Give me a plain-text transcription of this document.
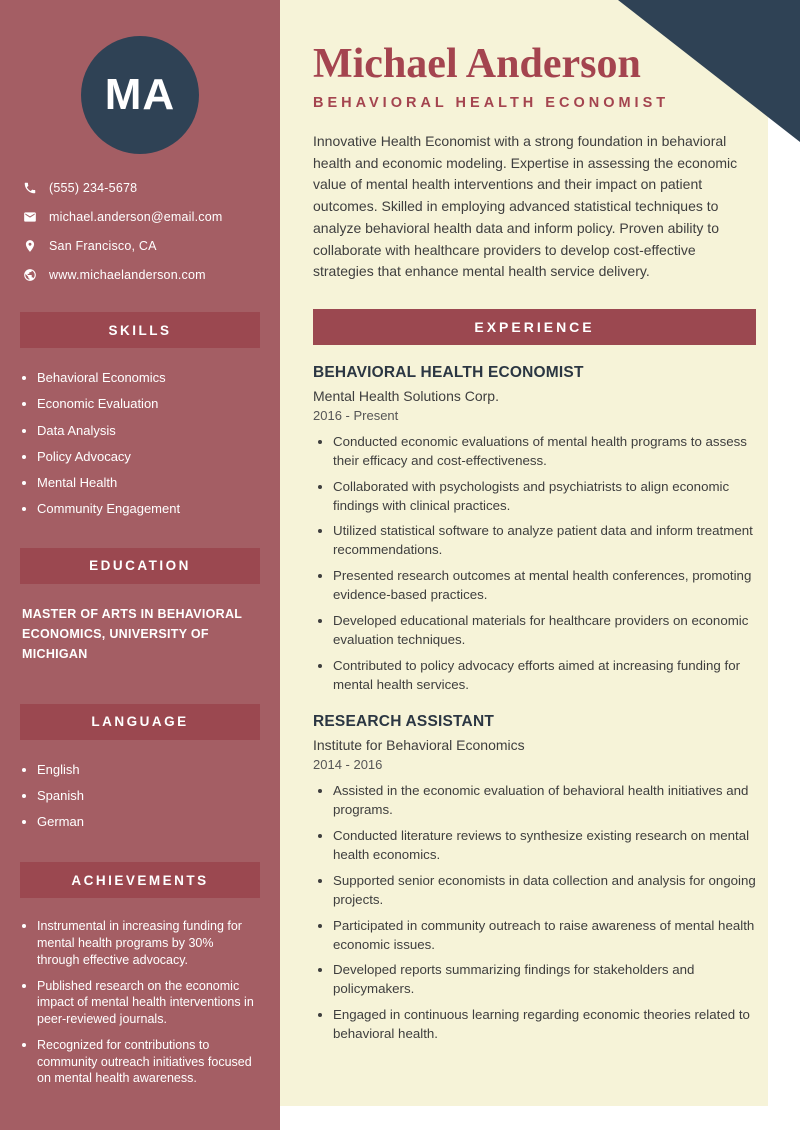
MA
(555) 234-5678
michael.anderson@email.com
San Francisco, CA
www.michaelanderson.com
SKILLS
Behavioral Economics
Economic Evaluation
Data Analysis
Policy Advocacy
Mental Health
Community Engagement
EDUCATION

MASTER OF ARTS IN BEHAVIORAL ECONOMICS, UNIVERSITY OF MICHIGAN

LANGUAGE
English
Spanish
German
ACHIEVEMENTS
Instrumental in increasing funding for mental health programs by 30% through effective advocacy.
Published research on the economic impact of mental health interventions in peer-reviewed journals.
Recognized for contributions to community outreach initiatives focused on mental health awareness.
Michael Anderson
BEHAVIORAL HEALTH ECONOMIST

Innovative Health Economist with a strong foundation in behavioral health and economic modeling. Expertise in assessing the economic value of mental health interventions and their impact on patient outcomes. Skilled in employing advanced statistical techniques to analyze behavioral health data and inform policy. Proven ability to collaborate with healthcare providers to develop cost-effective strategies that enhance mental health service delivery.

EXPERIENCE
BEHAVIORAL HEALTH ECONOMIST
Mental Health Solutions Corp.
2016 - Present
• Conducted economic evaluations of mental health programs to assess their efficacy and cost-effectiveness.
• Collaborated with psychologists and psychiatrists to align economic findings with clinical practices.
• Utilized statistical software to analyze patient data and inform treatment recommendations.
• Presented research outcomes at mental health conferences, promoting evidence-based practices.
• Developed educational materials for healthcare providers on economic evaluation techniques.
• Contributed to policy advocacy efforts aimed at increasing funding for mental health services.
RESEARCH ASSISTANT
Institute for Behavioral Economics
2014 - 2016
• Assisted in the economic evaluation of behavioral health initiatives and programs.
• Conducted literature reviews to synthesize existing research on mental health economics.
• Supported senior economists in data collection and analysis for ongoing projects.
• Participated in community outreach to raise awareness of mental health economic issues.
• Developed reports summarizing findings for stakeholders and policymakers.
• Engaged in continuous learning regarding economic theories related to behavioral health.
